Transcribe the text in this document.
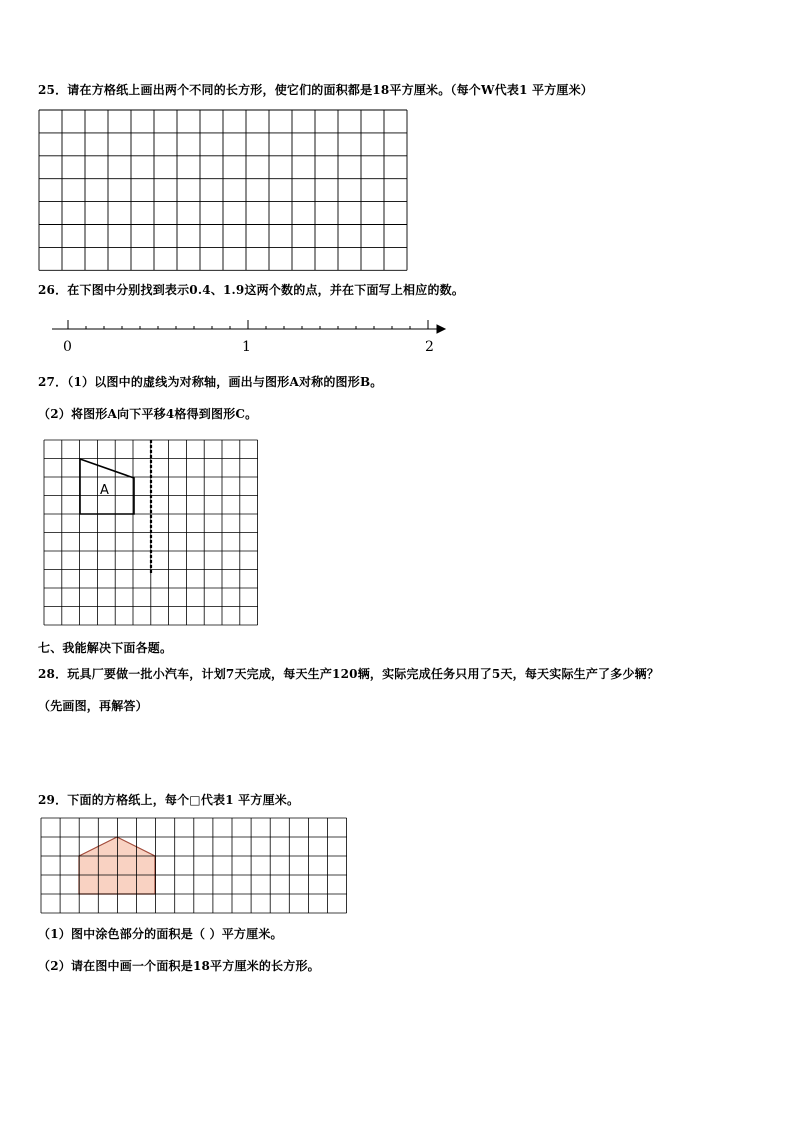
25．请在方格纸上画出两个不同的长方形，使它们的面积都是18平方厘米。（每个W代表1 平方厘米）
26．在下图中分别找到表示0.4、1.9这两个数的点，并在下面写上相应的数。
0	1	2
27．（1）以图中的虚线为对称轴，画出与图形A对称的图形B。
（2）将图形A向下平移4格得到图形C。
A
七、我能解决下面各题。
28．玩具厂要做一批小汽车，计划7天完成，每天生产120辆，实际完成任务只用了5天，每天实际生产了多少辆？
（先画图，再解答）
29．下面的方格纸上，每个□代表1 平方厘米。
（1）图中涂色部分的面积是（ ）平方厘米。
（2）请在图中画一个面积是18平方厘米的长方形。
